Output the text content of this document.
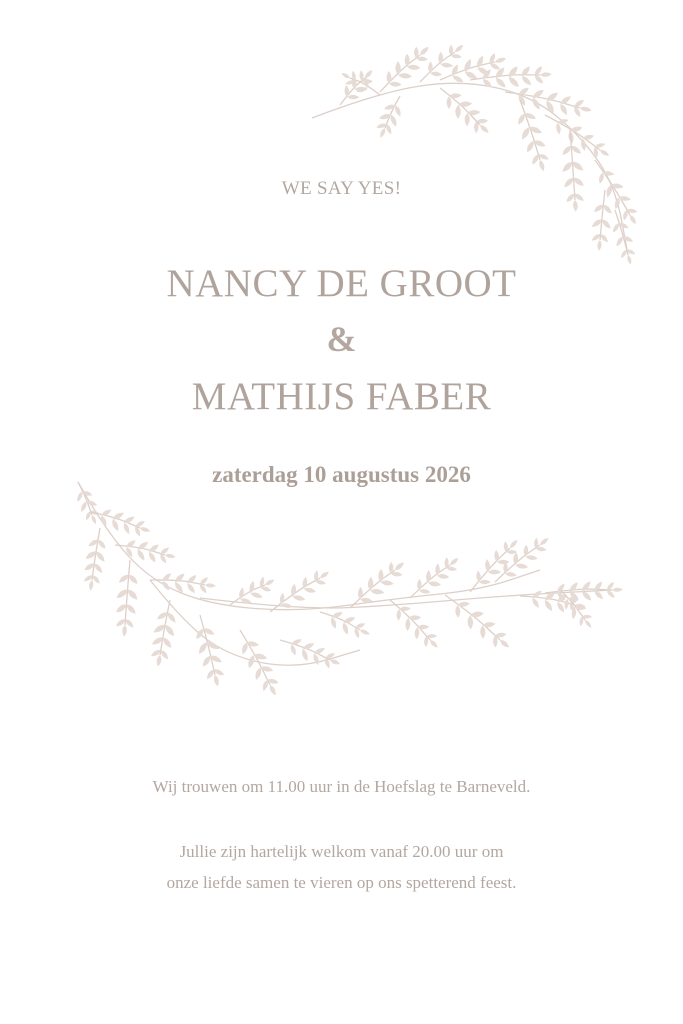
WE SAY YES!
NANCY DE GROOT
&
MATHIJS FABER
zaterdag 10 augustus 2026
Wij trouwen om 11.00 uur in de Hoefslag te Barneveld.
Jullie zijn hartelijk welkom vanaf 20.00 uur om
onze liefde samen te vieren op ons spetterend feest.
